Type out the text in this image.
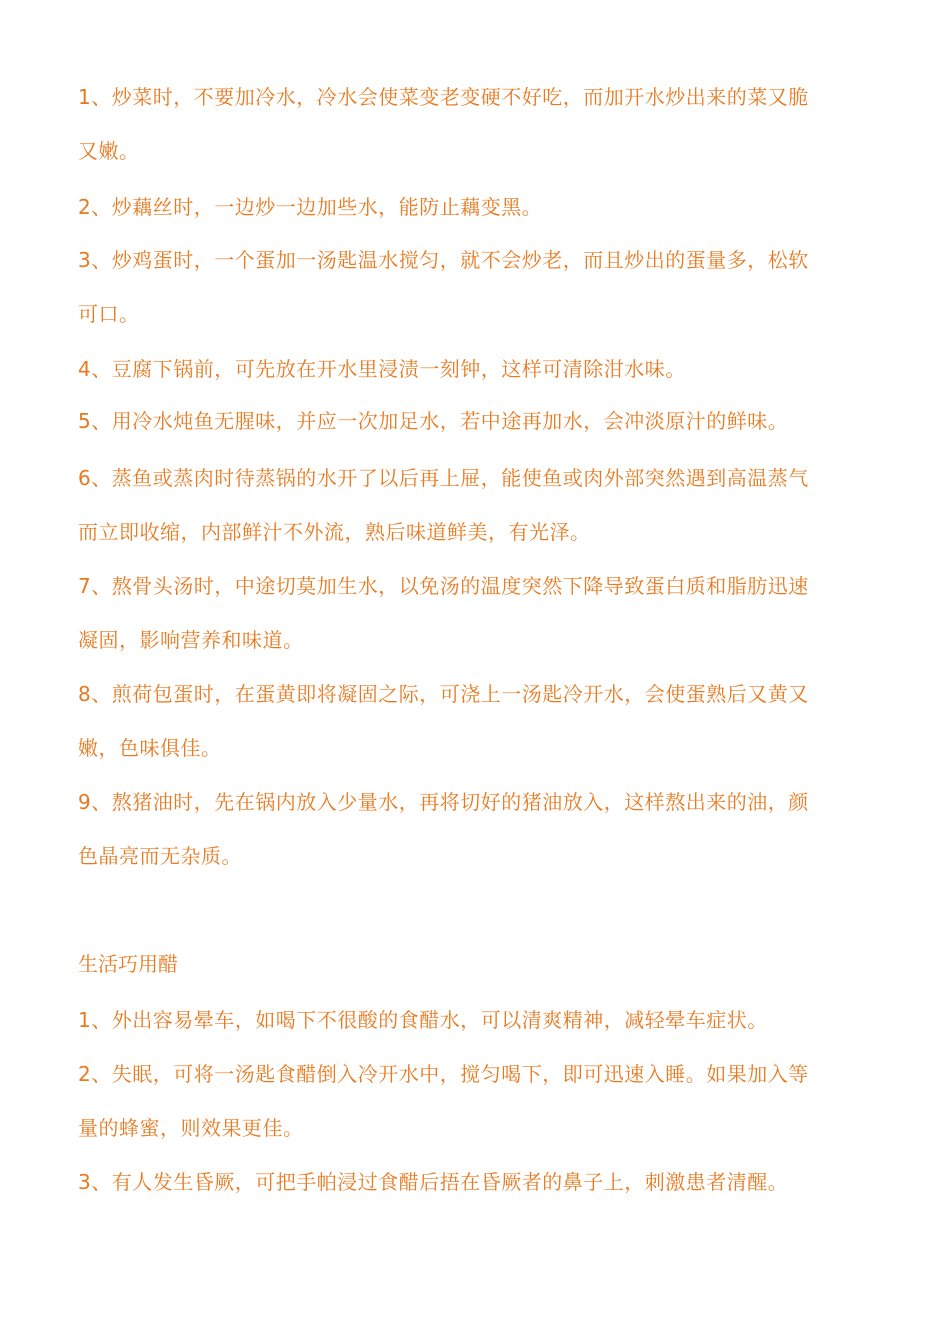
1、炒菜时，不要加冷水，冷水会使菜变老变硬不好吃，而加开水炒出来的菜又脆
又嫩。
2、炒藕丝时，一边炒一边加些水，能防止藕变黑。
3、炒鸡蛋时，一个蛋加一汤匙温水搅匀，就不会炒老，而且炒出的蛋量多，松软
可口。
4、豆腐下锅前，可先放在开水里浸渍一刻钟，这样可清除泔水味。
5、用冷水炖鱼无腥味，并应一次加足水，若中途再加水，会冲淡原汁的鲜味。
6、蒸鱼或蒸肉时待蒸锅的水开了以后再上屉，能使鱼或肉外部突然遇到高温蒸气
而立即收缩，内部鲜汁不外流，熟后味道鲜美，有光泽。
7、熬骨头汤时，中途切莫加生水，以免汤的温度突然下降导致蛋白质和脂肪迅速
凝固，影响营养和味道。
8、煎荷包蛋时，在蛋黄即将凝固之际，可浇上一汤匙冷开水，会使蛋熟后又黄又
嫩，色味俱佳。
9、熬猪油时，先在锅内放入少量水，再将切好的猪油放入，这样熬出来的油，颜
色晶亮而无杂质。
生活巧用醋
1、外出容易晕车，如喝下不很酸的食醋水，可以清爽精神，减轻晕车症状。
2、失眠，可将一汤匙食醋倒入冷开水中，搅匀喝下，即可迅速入睡。如果加入等
量的蜂蜜，则效果更佳。
3、有人发生昏厥，可把手帕浸过食醋后捂在昏厥者的鼻子上，刺激患者清醒。
